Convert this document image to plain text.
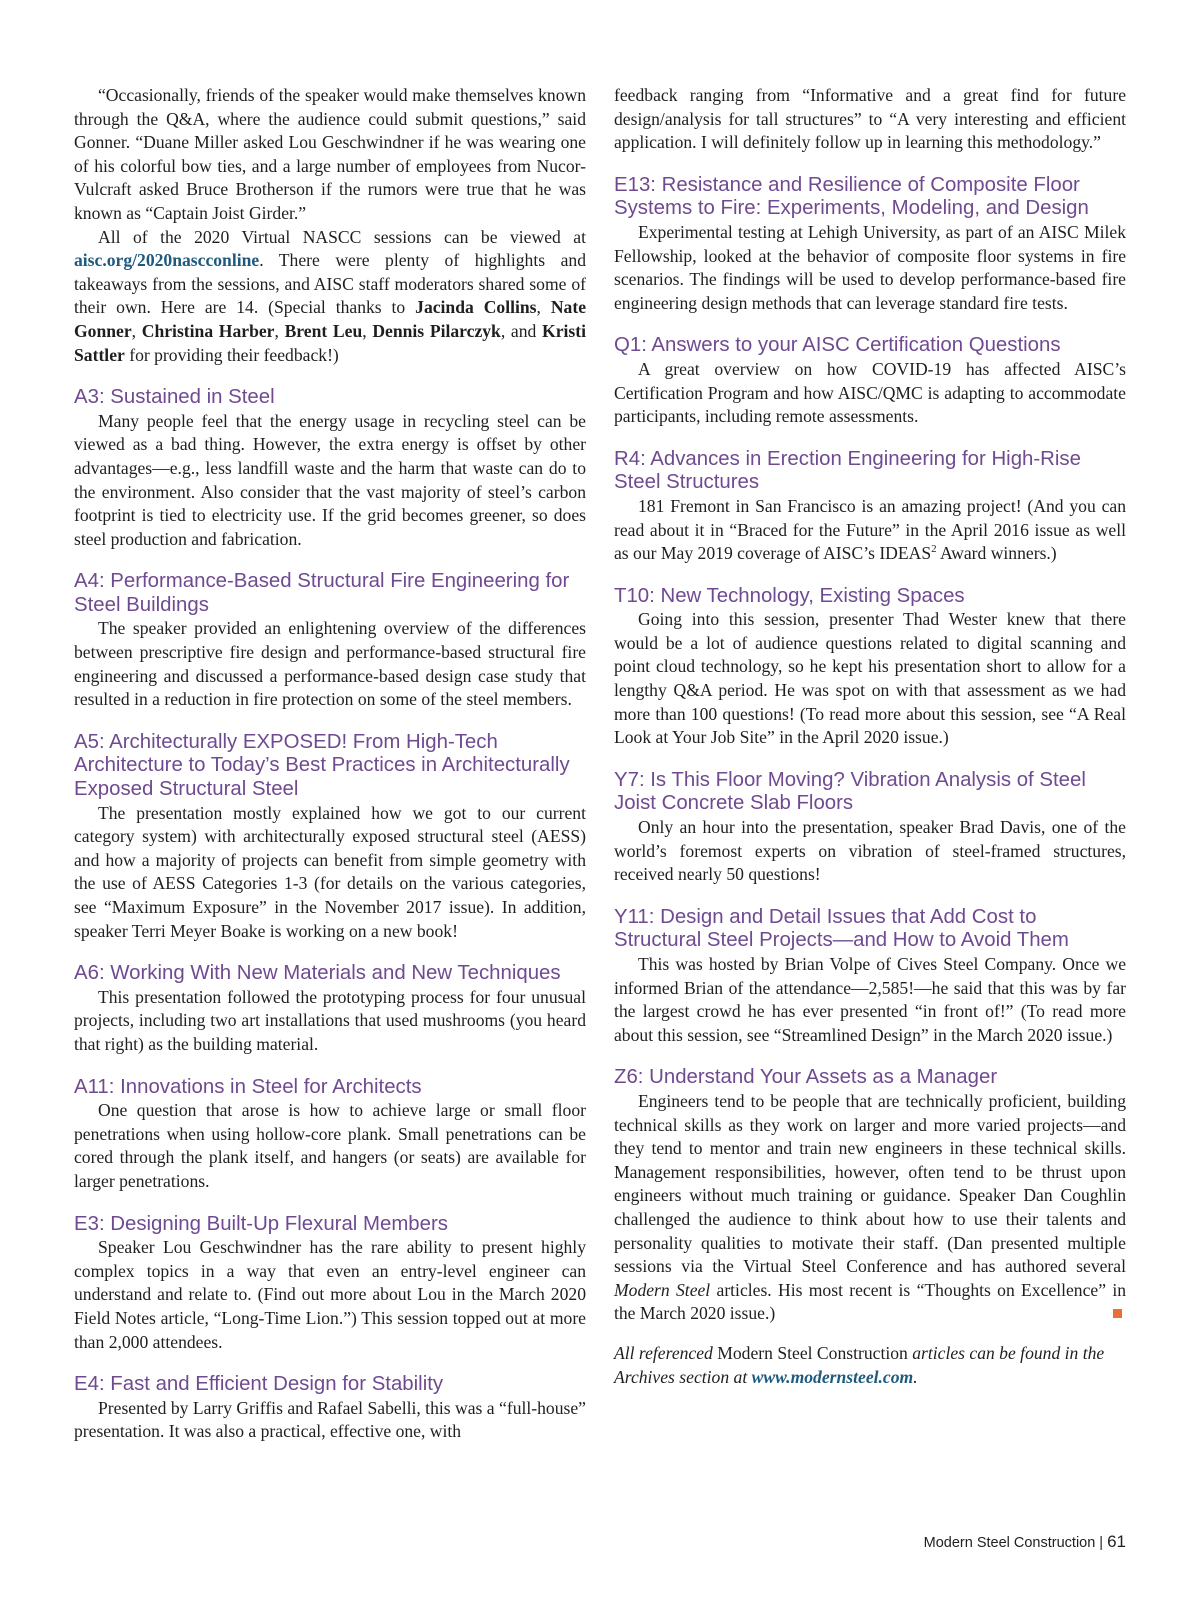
“Occasionally, friends of the speaker would make themselves known through the Q&A, where the audience could submit questions,” said Gonner. “Duane Miller asked Lou Geschwindner if he was wearing one of his colorful bow ties, and a large number of employees from Nucor-Vulcraft asked Bruce Brotherson if the rumors were true that he was known as “Captain Joist Girder.”

All of the 2020 Virtual NASCC sessions can be viewed at aisc.org/2020nascconline. There were plenty of highlights and takeaways from the sessions, and AISC staff moderators shared some of their own. Here are 14. (Special thanks to Jacinda Collins, Nate Gonner, Christina Harber, Brent Leu, Dennis Pilarczyk, and Kristi Sattler for providing their feedback!)

A3: Sustained in Steel

Many people feel that the energy usage in recycling steel can be viewed as a bad thing. However, the extra energy is offset by other advantages—e.g., less landfill waste and the harm that waste can do to the environment. Also consider that the vast majority of steel’s carbon footprint is tied to electricity use. If the grid becomes greener, so does steel production and fabrication.

A4: Performance-Based Structural Fire Engineering for Steel Buildings

The speaker provided an enlightening overview of the differences between prescriptive fire design and performance-based structural fire engineering and discussed a performance-based design case study that resulted in a reduction in fire protection on some of the steel members.

A5: Architecturally EXPOSED! From High-Tech Architecture to Today’s Best Practices in Architecturally Exposed Structural Steel

The presentation mostly explained how we got to our current category system) with architecturally exposed structural steel (AESS) and how a majority of projects can benefit from simple geometry with the use of AESS Categories 1-3 (for details on the various categories, see “Maximum Exposure” in the November 2017 issue). In addition, speaker Terri Meyer Boake is working on a new book!

A6: Working With New Materials and New Techniques

This presentation followed the prototyping process for four unusual projects, including two art installations that used mushrooms (you heard that right) as the building material.

A11: Innovations in Steel for Architects

One question that arose is how to achieve large or small floor penetrations when using hollow-core plank. Small penetrations can be cored through the plank itself, and hangers (or seats) are available for larger penetrations.

E3: Designing Built-Up Flexural Members

Speaker Lou Geschwindner has the rare ability to present highly complex topics in a way that even an entry-level engineer can understand and relate to. (Find out more about Lou in the March 2020 Field Notes article, “Long-Time Lion.”) This session topped out at more than 2,000 attendees.

E4: Fast and Efficient Design for Stability

Presented by Larry Griffis and Rafael Sabelli, this was a “full-house” presentation. It was also a practical, effective one, with

feedback ranging from “Informative and a great find for future design/analysis for tall structures” to “A very interesting and efficient application. I will definitely follow up in learning this methodology.”

E13: Resistance and Resilience of Composite Floor Systems to Fire: Experiments, Modeling, and Design

Experimental testing at Lehigh University, as part of an AISC Milek Fellowship, looked at the behavior of composite floor systems in fire scenarios. The findings will be used to develop performance-based fire engineering design methods that can leverage standard fire tests.

Q1: Answers to your AISC Certification Questions

A great overview on how COVID-19 has affected AISC’s Certification Program and how AISC/QMC is adapting to accommodate participants, including remote assessments.

R4: Advances in Erection Engineering for High-Rise Steel Structures

181 Fremont in San Francisco is an amazing project! (And you can read about it in “Braced for the Future” in the April 2016 issue as well as our May 2019 coverage of AISC’s IDEAS$^2$ Award winners.)

T10: New Technology, Existing Spaces

Going into this session, presenter Thad Wester knew that there would be a lot of audience questions related to digital scanning and point cloud technology, so he kept his presentation short to allow for a lengthy Q&A period. He was spot on with that assessment as we had more than 100 questions! (To read more about this session, see “A Real Look at Your Job Site” in the April 2020 issue.)

Y7: Is This Floor Moving? Vibration Analysis of Steel Joist Concrete Slab Floors

Only an hour into the presentation, speaker Brad Davis, one of the world’s foremost experts on vibration of steel-framed structures, received nearly 50 questions!

Y11: Design and Detail Issues that Add Cost to Structural Steel Projects—and How to Avoid Them

This was hosted by Brian Volpe of Cives Steel Company. Once we informed Brian of the attendance—2,585!—he said that this was by far the largest crowd he has ever presented “in front of!” (To read more about this session, see “Streamlined Design” in the March 2020 issue.)

Z6: Understand Your Assets as a Manager

Engineers tend to be people that are technically proficient, building technical skills as they work on larger and more varied projects—and they tend to mentor and train new engineers in these technical skills. Management responsibilities, however, often tend to be thrust upon engineers without much training or guidance. Speaker Dan Coughlin challenged the audience to think about how to use their talents and personality qualities to motivate their staff. (Dan presented multiple sessions via the Virtual Steel Conference and has authored several Modern Steel articles. His most recent is “Thoughts on Excellence” in the March 2020 issue.)

All referenced Modern Steel Construction articles can be found in the Archives section at www.modernsteel.com.

Modern Steel Construction | 61
